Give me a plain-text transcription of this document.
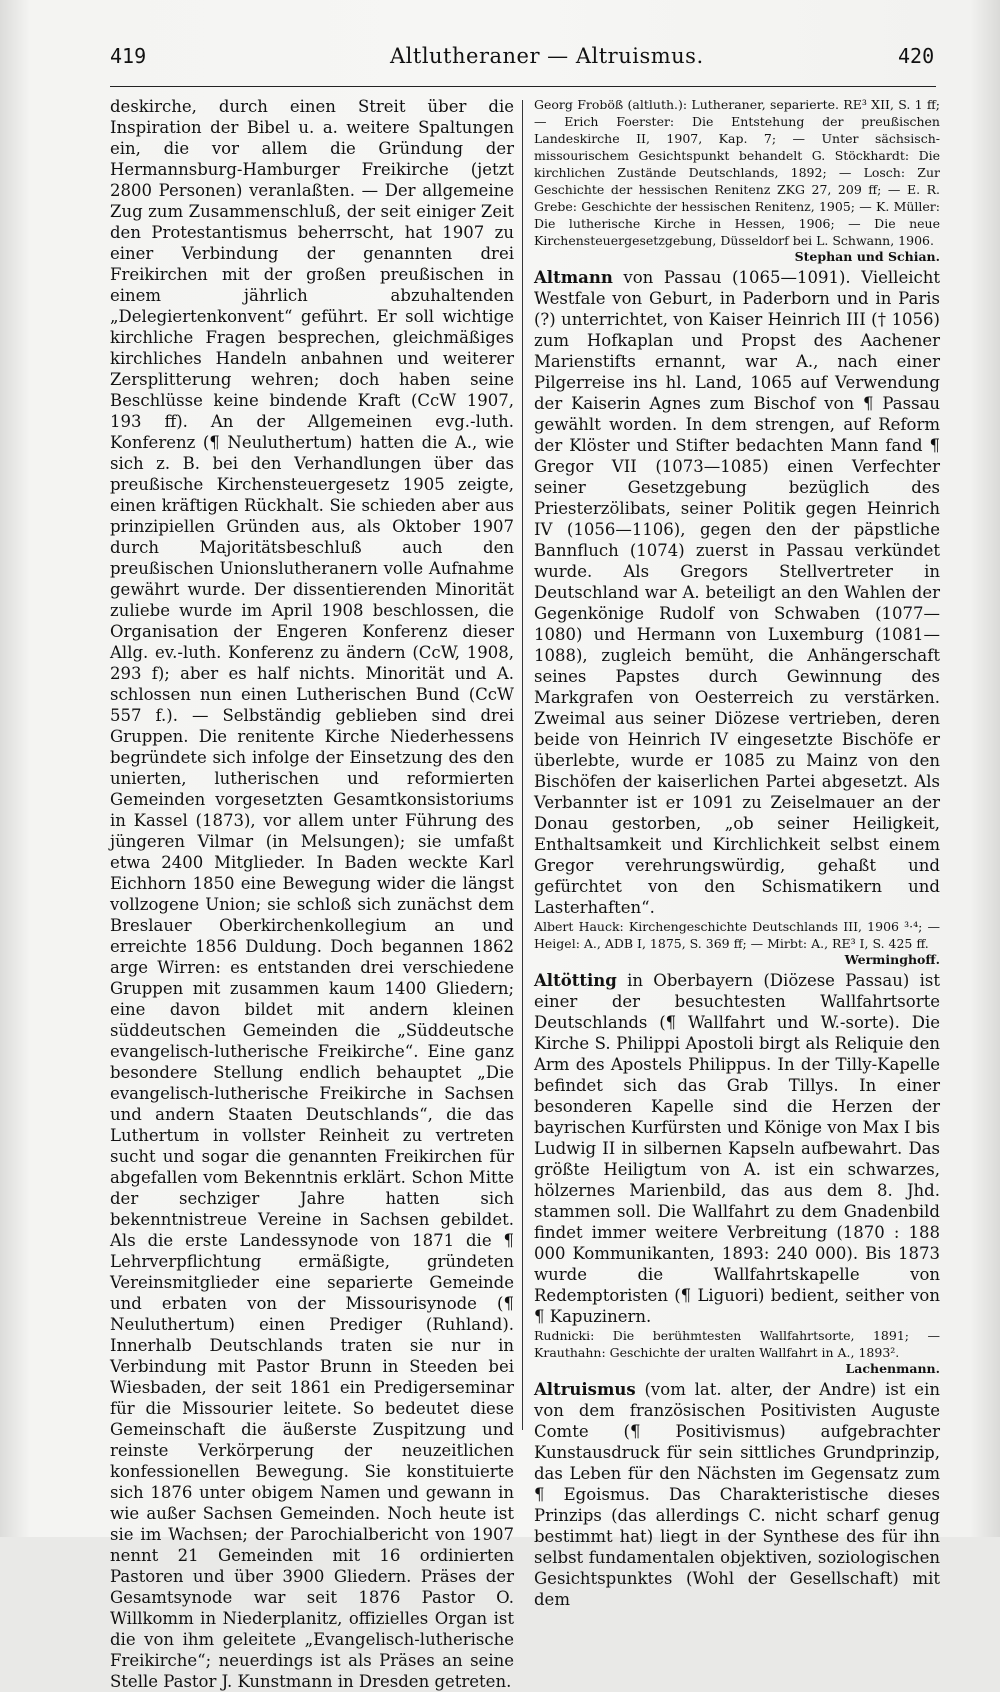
419	Altlutheraner — Altruismus.	420

deskirche, durch einen Streit über die Inspiration der Bibel u. a. weitere Spaltungen ein, die vor allem die Gründung der Hermannsburg-Hamburger Freikirche (jetzt 2800 Personen) veranlaßten. — Der allgemeine Zug zum Zusammenschluß, der seit einiger Zeit den Protestantismus beherrscht, hat 1907 zu einer Verbindung der genannten drei Freikirchen mit der großen preußischen in einem jährlich abzuhaltenden „Delegiertenkonvent“ geführt. Er soll wichtige kirchliche Fragen besprechen, gleichmäßiges kirchliches Handeln anbahnen und weiterer Zersplitterung wehren; doch haben seine Beschlüsse keine bindende Kraft (CcW 1907, 193 ff). An der Allgemeinen evg.-luth. Konferenz (¶ Neuluthertum) hatten die A., wie sich z. B. bei den Verhandlungen über das preußische Kirchensteuergesetz 1905 zeigte, einen kräftigen Rückhalt. Sie schieden aber aus prinzipiellen Gründen aus, als Oktober 1907 durch Majoritätsbeschluß auch den preußischen Unionslutheranern volle Aufnahme gewährt wurde. Der dissentierenden Minorität zuliebe wurde im April 1908 beschlossen, die Organisation der Engeren Konferenz dieser Allg. ev.-luth. Konferenz zu ändern (CcW, 1908, 293 f); aber es half nichts. Minorität und A. schlossen nun einen Lutherischen Bund (CcW 557 f.). — Selbständig geblieben sind drei Gruppen. Die renitente Kirche Niederhessens begründete sich infolge der Einsetzung des den unierten, lutherischen und reformierten Gemeinden vorgesetzten Gesamtkonsistoriums in Kassel (1873), vor allem unter Führung des jüngeren Vilmar (in Melsungen); sie umfaßt etwa 2400 Mitglieder. In Baden weckte Karl Eichhorn 1850 eine Bewegung wider die längst vollzogene Union; sie schloß sich zunächst dem Breslauer Oberkirchenkollegium an und erreichte 1856 Duldung. Doch begannen 1862 arge Wirren: es entstanden drei verschiedene Gruppen mit zusammen kaum 1400 Gliedern; eine davon bildet mit andern kleinen süddeutschen Gemeinden die „Süddeutsche evangelisch-lutherische Freikirche“. Eine ganz besondere Stellung endlich behauptet „Die evangelisch-lutherische Freikirche in Sachsen und andern Staaten Deutschlands“, die das Luthertum in vollster Reinheit zu vertreten sucht und sogar die genannten Freikirchen für abgefallen vom Bekenntnis erklärt. Schon Mitte der sechziger Jahre hatten sich bekenntnistreue Vereine in Sachsen gebildet. Als die erste Landessynode von 1871 die ¶ Lehrverpflichtung ermäßigte, gründeten Vereinsmitglieder eine separierte Gemeinde und erbaten von der Missourisynode (¶ Neuluthertum) einen Prediger (Ruhland). Innerhalb Deutschlands traten sie nur in Verbindung mit Pastor Brunn in Steeden bei Wiesbaden, der seit 1861 ein Predigerseminar für die Missourier leitete. So bedeutet diese Gemeinschaft die äußerste Zuspitzung und reinste Verkörperung der neuzeitlichen konfessionellen Bewegung. Sie konstituierte sich 1876 unter obigem Namen und gewann in wie außer Sachsen Gemeinden. Noch heute ist sie im Wachsen; der Parochialbericht von 1907 nennt 21 Gemeinden mit 16 ordinierten Pastoren und über 3900 Gliedern. Präses der Gesamtsynode war seit 1876 Pastor O. Willkomm in Niederplanitz, offizielles Organ ist die von ihm geleitete „Evangelisch-lutherische Freikirche“; neuerdings ist als Präses an seine Stelle Pastor J. Kunstmann in Dresden getreten.

Georg Froböß (altluth.): Lutheraner, separierte. RE³ XII, S. 1 ff; — Erich Foerster: Die Entstehung der preußischen Landeskirche II, 1907, Kap. 7; — Unter sächsisch-missourischem Gesichtspunkt behandelt G. Stöckhardt: Die kirchlichen Zustände Deutschlands, 1892; — Losch: Zur Geschichte der hessischen Renitenz ZKG 27, 209 ff; — E. R. Grebe: Geschichte der hessischen Renitenz, 1905; — K. Müller: Die lutherische Kirche in Hessen, 1906; — Die neue Kirchensteuergesetzgebung, Düsseldorf bei L. Schwann, 1906.

Stephan und Schian.

Altmann von Passau (1065—1091). Vielleicht Westfale von Geburt, in Paderborn und in Paris (?) unterrichtet, von Kaiser Heinrich III († 1056) zum Hofkaplan und Propst des Aachener Marienstifts ernannt, war A., nach einer Pilgerreise ins hl. Land, 1065 auf Verwendung der Kaiserin Agnes zum Bischof von ¶ Passau gewählt worden. In dem strengen, auf Reform der Klöster und Stifter bedachten Mann fand ¶ Gregor VII (1073—1085) einen Verfechter seiner Gesetzgebung bezüglich des Priesterzölibats, seiner Politik gegen Heinrich IV (1056—1106), gegen den der päpstliche Bannfluch (1074) zuerst in Passau verkündet wurde. Als Gregors Stellvertreter in Deutschland war A. beteiligt an den Wahlen der Gegenkönige Rudolf von Schwaben (1077—1080) und Hermann von Luxemburg (1081—1088), zugleich bemüht, die Anhängerschaft seines Papstes durch Gewinnung des Markgrafen von Oesterreich zu verstärken. Zweimal aus seiner Diözese vertrieben, deren beide von Heinrich IV eingesetzte Bischöfe er überlebte, wurde er 1085 zu Mainz von den Bischöfen der kaiserlichen Partei abgesetzt. Als Verbannter ist er 1091 zu Zeiselmauer an der Donau gestorben, „ob seiner Heiligkeit, Enthaltsamkeit und Kirchlichkeit selbst einem Gregor verehrungswürdig, gehaßt und gefürchtet von den Schismatikern und Lasterhaften“.

Albert Hauck: Kirchengeschichte Deutschlands III, 1906 ³·⁴; — Heigel: A., ADB I, 1875, S. 369 ff; — Mirbt: A., RE³ I, S. 425 ff.

Werminghoff.

Altötting in Oberbayern (Diözese Passau) ist einer der besuchtesten Wallfahrtsorte Deutschlands (¶ Wallfahrt und W.-sorte). Die Kirche S. Philippi Apostoli birgt als Reliquie den Arm des Apostels Philippus. In der Tilly-Kapelle befindet sich das Grab Tillys. In einer besonderen Kapelle sind die Herzen der bayrischen Kurfürsten und Könige von Max I bis Ludwig II in silbernen Kapseln aufbewahrt. Das größte Heiligtum von A. ist ein schwarzes, hölzernes Marienbild, das aus dem 8. Jhd. stammen soll. Die Wallfahrt zu dem Gnadenbild findet immer weitere Verbreitung (1870 : 188 000 Kommunikanten, 1893: 240 000). Bis 1873 wurde die Wallfahrtskapelle von Redemptoristen (¶ Liguori) bedient, seither von ¶ Kapuzinern.

Rudnicki: Die berühmtesten Wallfahrtsorte, 1891; — Krauthahn: Geschichte der uralten Wallfahrt in A., 1893².

Lachenmann.

Altruismus (vom lat. alter, der Andre) ist ein von dem französischen Positivisten Auguste Comte (¶ Positivismus) aufgebrachter Kunstausdruck für sein sittliches Grundprinzip, das Leben für den Nächsten im Gegensatz zum ¶ Egoismus. Das Charakteristische dieses Prinzips (das allerdings C. nicht scharf genug bestimmt hat) liegt in der Synthese des für ihn selbst fundamentalen objektiven, soziologischen Gesichtspunktes (Wohl der Gesellschaft) mit dem
